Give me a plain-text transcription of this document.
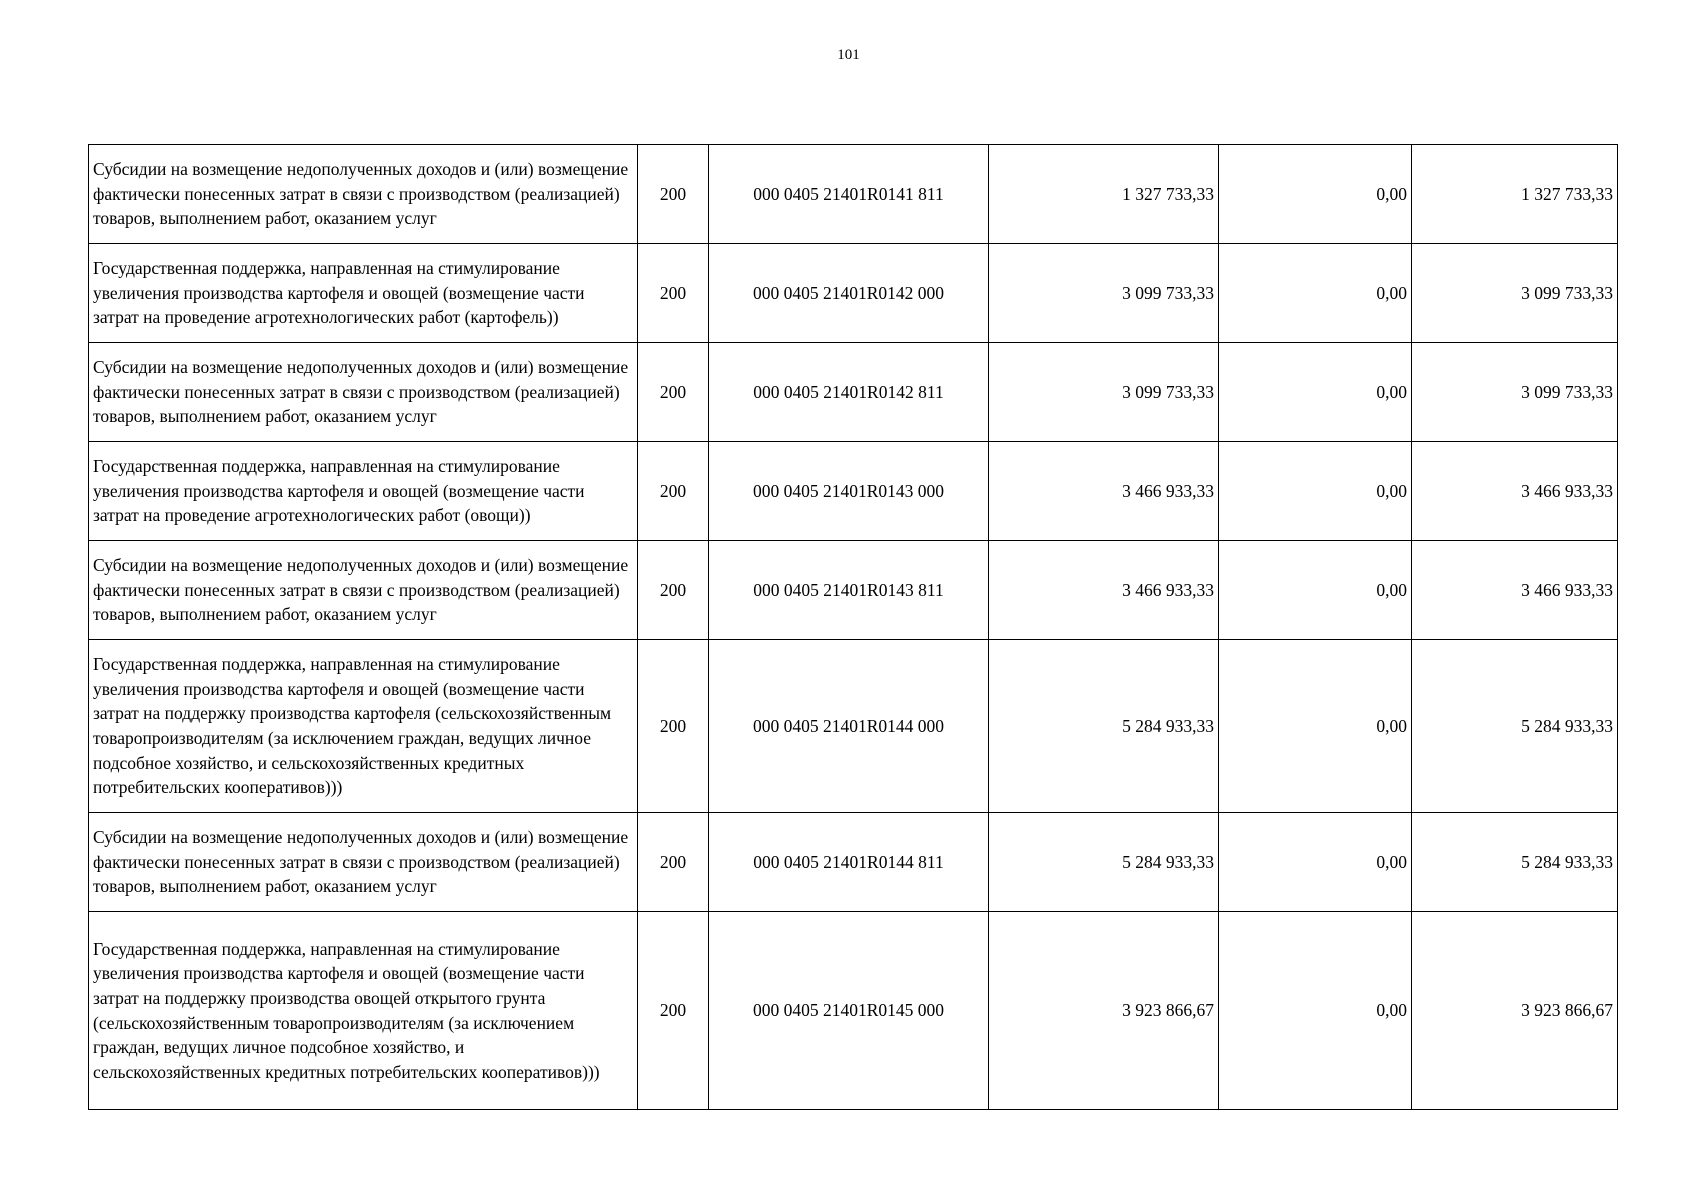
101
Субсидии на возмещение недополученных доходов и (или) возмещение фактически понесенных затрат в связи с производством (реализацией) товаров, выполнением работ, оказанием услуг	200	000 0405 21401R0141 811	1 327 733,33	0,00	1 327 733,33
Государственная поддержка, направленная на стимулирование увеличения производства картофеля и овощей (возмещение части затрат на проведение агротехнологических работ (картофель))	200	000 0405 21401R0142 000	3 099 733,33	0,00	3 099 733,33
Субсидии на возмещение недополученных доходов и (или) возмещение фактически понесенных затрат в связи с производством (реализацией) товаров, выполнением работ, оказанием услуг	200	000 0405 21401R0142 811	3 099 733,33	0,00	3 099 733,33
Государственная поддержка, направленная на стимулирование увеличения производства картофеля и овощей (возмещение части затрат на проведение агротехнологических работ (овощи))	200	000 0405 21401R0143 000	3 466 933,33	0,00	3 466 933,33
Субсидии на возмещение недополученных доходов и (или) возмещение фактически понесенных затрат в связи с производством (реализацией) товаров, выполнением работ, оказанием услуг	200	000 0405 21401R0143 811	3 466 933,33	0,00	3 466 933,33
Государственная поддержка, направленная на стимулирование увеличения производства картофеля и овощей (возмещение части затрат на поддержку производства картофеля (сельскохозяйственным товаропроизводителям (за исключением граждан, ведущих личное подсобное хозяйство, и сельскохозяйственных кредитных потребительских кооперативов)))	200	000 0405 21401R0144 000	5 284 933,33	0,00	5 284 933,33
Субсидии на возмещение недополученных доходов и (или) возмещение фактически понесенных затрат в связи с производством (реализацией) товаров, выполнением работ, оказанием услуг	200	000 0405 21401R0144 811	5 284 933,33	0,00	5 284 933,33
Государственная поддержка, направленная на стимулирование увеличения производства картофеля и овощей (возмещение части затрат на поддержку производства овощей открытого грунта (сельскохозяйственным товаропроизводителям (за исключением граждан, ведущих личное подсобное хозяйство, и сельскохозяйственных кредитных потребительских кооперативов)))	200	000 0405 21401R0145 000	3 923 866,67	0,00	3 923 866,67
